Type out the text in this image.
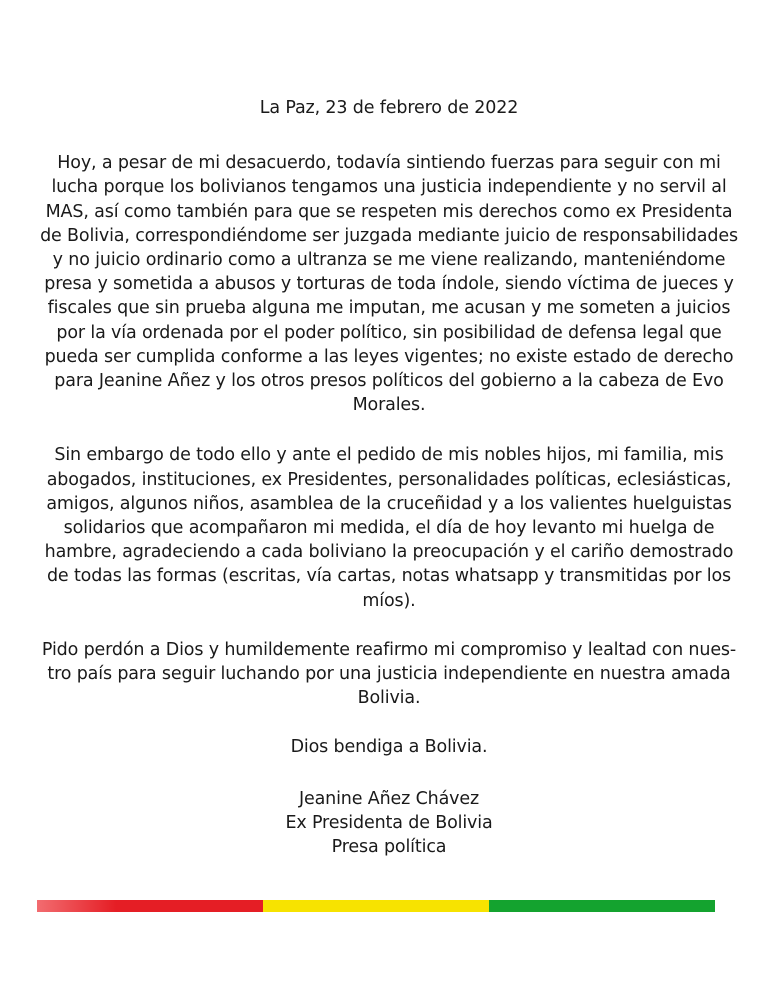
La Paz, 23 de febrero de 2022

Hoy, a pesar de mi desacuerdo, todavía sintiendo fuerzas para seguir con mi lucha porque los bolivianos tengamos una justicia independiente y no servil al MAS, así como también para que se respeten mis derechos como ex Presidenta de Bolivia, correspondiéndome ser juzgada mediante juicio de responsabilidades y no juicio ordinario como a ultranza se me viene realizando, manteniéndome presa y sometida a abusos y torturas de toda índole, siendo víctima de jueces y fiscales que sin prueba alguna me imputan, me acusan y me someten a juicios por la vía ordenada por el poder político, sin posibilidad de defensa legal que pueda ser cumplida conforme a las leyes vigentes; no existe estado de derecho para Jeanine Añez y los otros presos políticos del gobierno a la cabeza de Evo Morales.

Sin embargo de todo ello y ante el pedido de mis nobles hijos, mi familia, mis abogados, instituciones, ex Presidentes, personalidades políticas, eclesiásticas, amigos, algunos niños, asamblea de la cruceñidad y a los valientes huelguistas solidarios que acompañaron mi medida, el día de hoy levanto mi huelga de hambre, agradeciendo a cada boliviano la preocupación y el cariño demostrado de todas las formas (escritas, vía cartas, notas whatsapp y transmitidas por los míos).

Pido perdón a Dios y humildemente reafirmo mi compromiso y lealtad con nues-tro país para seguir luchando por una justicia independiente en nuestra amada Bolivia.

Dios bendiga a Bolivia.

Jeanine Añez Chávez
Ex Presidenta de Bolivia
Presa política
